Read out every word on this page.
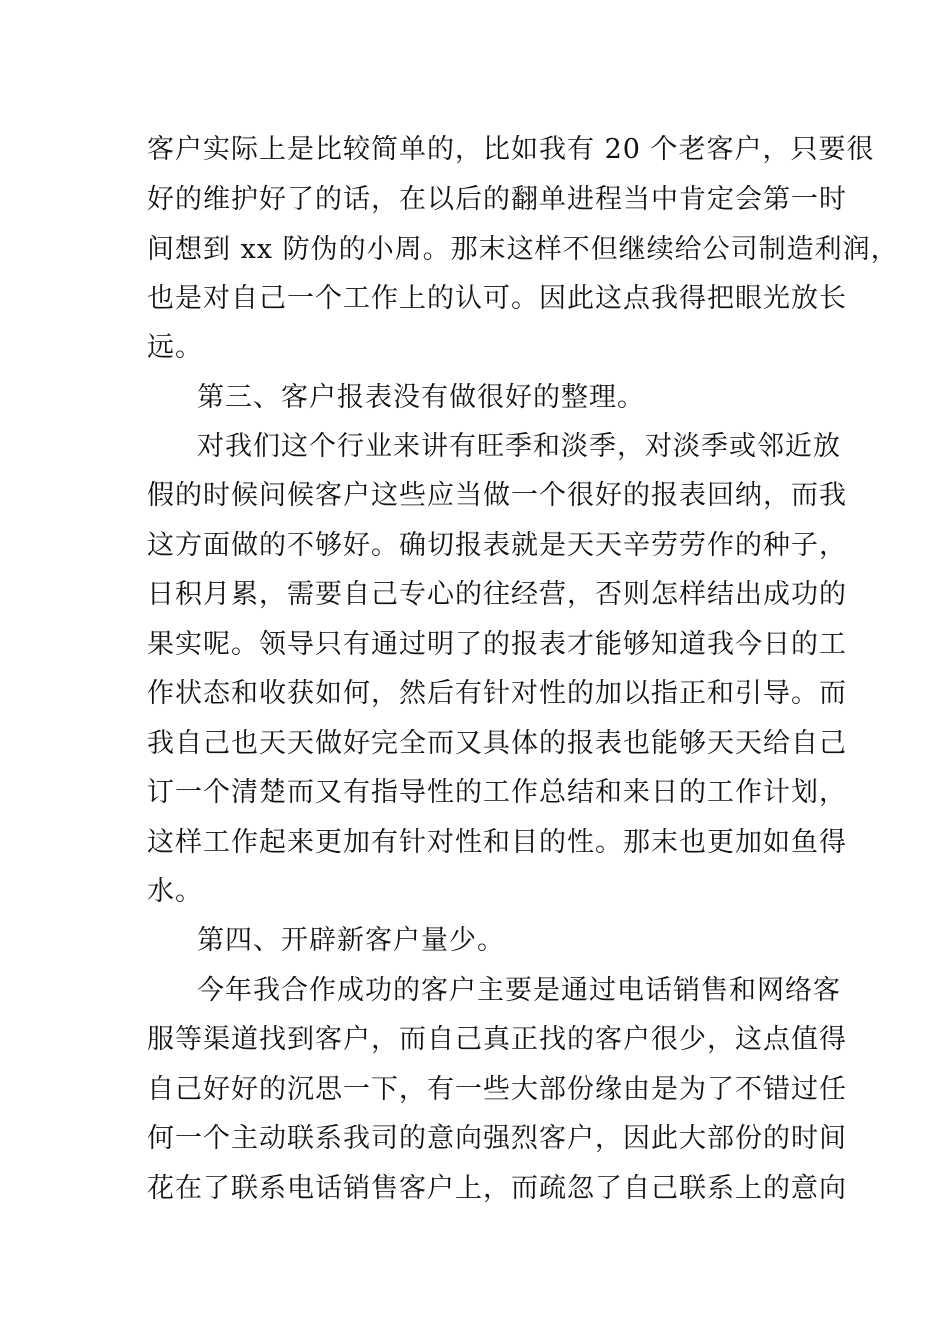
客户实际上是比较简单的，比如我有 20 个老客户，只要很
好的维护好了的话，在以后的翻单进程当中肯定会第一时
间想到 xx 防伪的小周。那末这样不但继续给公司制造利润，
也是对自己一个工作上的认可。因此这点我得把眼光放长
远。
第三、客户报表没有做很好的整理。
对我们这个行业来讲有旺季和淡季，对淡季或邻近放
假的时候问候客户这些应当做一个很好的报表回纳，而我
这方面做的不够好。确切报表就是天天辛劳劳作的种子，
日积月累，需要自己专心的往经营，否则怎样结出成功的
果实呢。领导只有通过明了的报表才能够知道我今日的工
作状态和收获如何，然后有针对性的加以指正和引导。而
我自己也天天做好完全而又具体的报表也能够天天给自己
订一个清楚而又有指导性的工作总结和来日的工作计划，
这样工作起来更加有针对性和目的性。那末也更加如鱼得
水。
第四、开辟新客户量少。
今年我合作成功的客户主要是通过电话销售和网络客
服等渠道找到客户，而自己真正找的客户很少，这点值得
自己好好的沉思一下，有一些大部份缘由是为了不错过任
何一个主动联系我司的意向强烈客户，因此大部份的时间
花在了联系电话销售客户上，而疏忽了自己联系上的意向
